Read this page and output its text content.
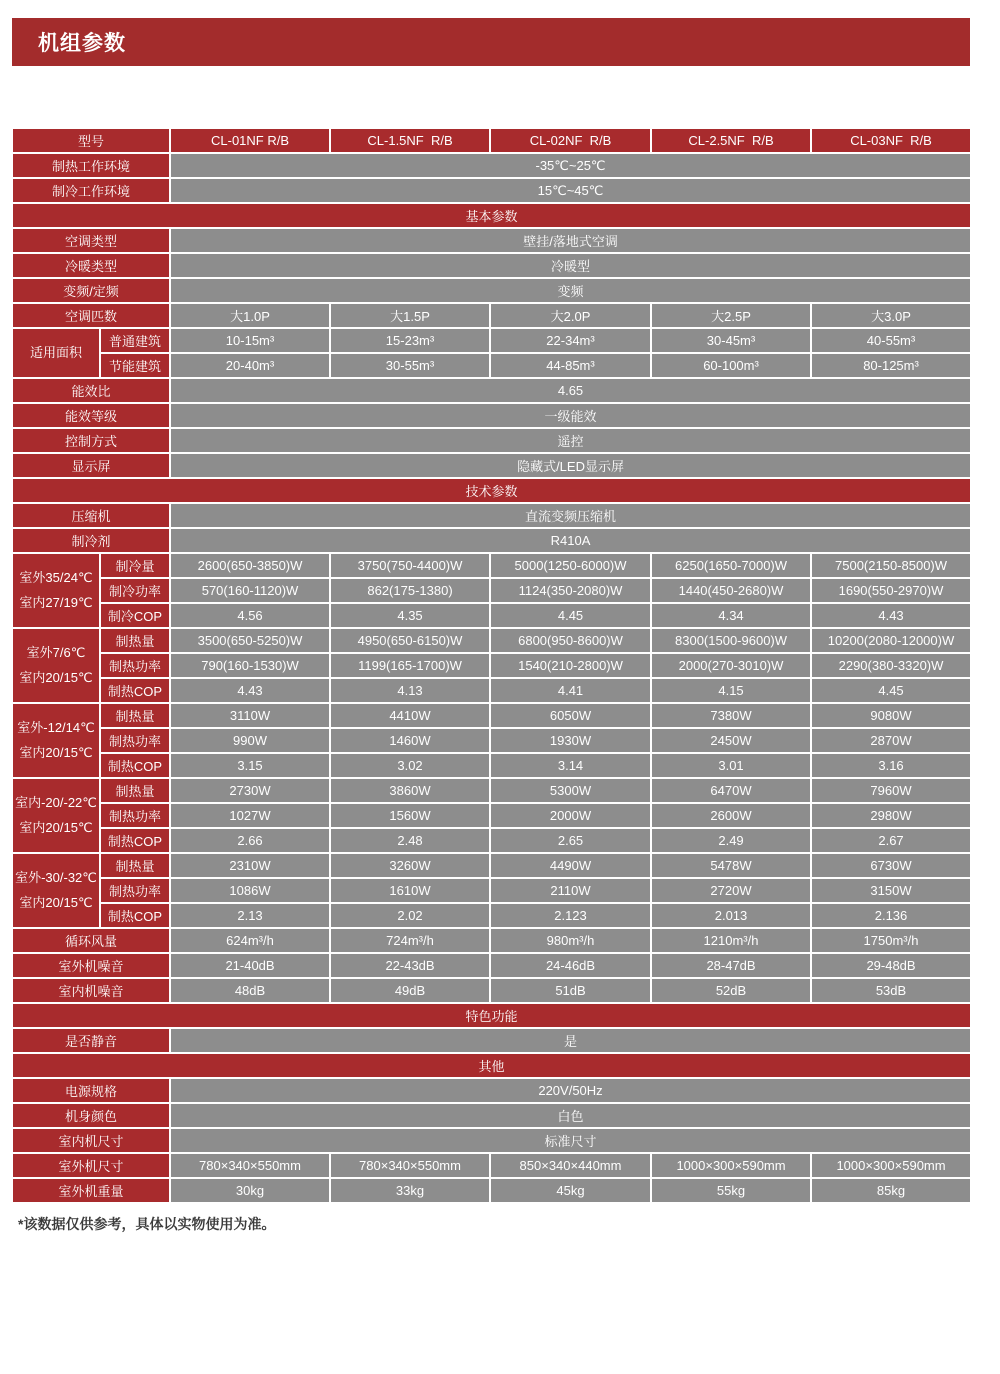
机组参数
型号		CL-01NF R/B	CL-1.5NF  R/B	CL-02NF  R/B	CL-2.5NF  R/B	CL-03NF  R/B
制热工作环境		-35℃~25℃				
制冷工作环境		15℃~45℃				
基本参数						
空调类型		壁挂/落地式空调				
冷暖类型		冷暖型				
变频/定频		变频				
空调匹数		大1.0P	大1.5P	大2.0P	大2.5P	大3.0P

适用面积	普通建筑	10-15m³	15-23m³	22-34m³	30-45m³	40-55m³
	节能建筑	20-40m³	30-55m³	44-85m³	60-100m³	80-125m³
能效比		4.65				
能效等级		一级能效				
控制方式		遥控				
显示屏		隐藏式/LED显示屏				
技术参数						
压缩机		直流变频压缩机				
制冷剂		R410A				

室外35/24℃
室内27/19℃	制冷量	2600(650-3850)W	3750(750-4400)W	5000(1250-6000)W	6250(1650-7000)W	7500(2150-8500)W
	制冷功率	570(160-1120)W	862(175-1380)	1124(350-2080)W	1440(450-2680)W	1690(550-2970)W
	制冷COP	4.56	4.35	4.45	4.34	4.43

室外7/6℃
室内20/15℃	制热量	3500(650-5250)W	4950(650-6150)W	6800(950-8600)W	8300(1500-9600)W	10200(2080-12000)W
	制热功率	790(160-1530)W	1199(165-1700)W	1540(210-2800)W	2000(270-3010)W	2290(380-3320)W
	制热COP	4.43	4.13	4.41	4.15	4.45

室外-12/14℃
室内20/15℃	制热量	3110W	4410W	6050W	7380W	9080W
	制热功率	990W	1460W	1930W	2450W	2870W
	制热COP	3.15	3.02	3.14	3.01	3.16

室内-20/-22℃
室内20/15℃	制热量	2730W	3860W	5300W	6470W	7960W
	制热功率	1027W	1560W	2000W	2600W	2980W
	制热COP	2.66	2.48	2.65	2.49	2.67

室外-30/-32℃
室内20/15℃	制热量	2310W	3260W	4490W	5478W	6730W
	制热功率	1086W	1610W	2110W	2720W	3150W
	制热COP	2.13	2.02	2.123	2.013	2.136
循环风量		624m³/h	724m³/h	980m³/h	1210m³/h	1750m³/h
室外机噪音		21-40dB	22-43dB	24-46dB	28-47dB	29-48dB
室内机噪音		48dB	49dB	51dB	52dB	53dB
特色功能						
是否静音		是				
其他						
电源规格		220V/50Hz				
机身颜色		白色				
室内机尺寸		标准尺寸				
室外机尺寸		780×340×550mm	780×340×550mm	850×340×440mm	1000×300×590mm	1000×300×590mm
室外机重量		30kg	33kg	45kg	55kg	85kg
*该数据仅供参考，具体以实物使用为准。
